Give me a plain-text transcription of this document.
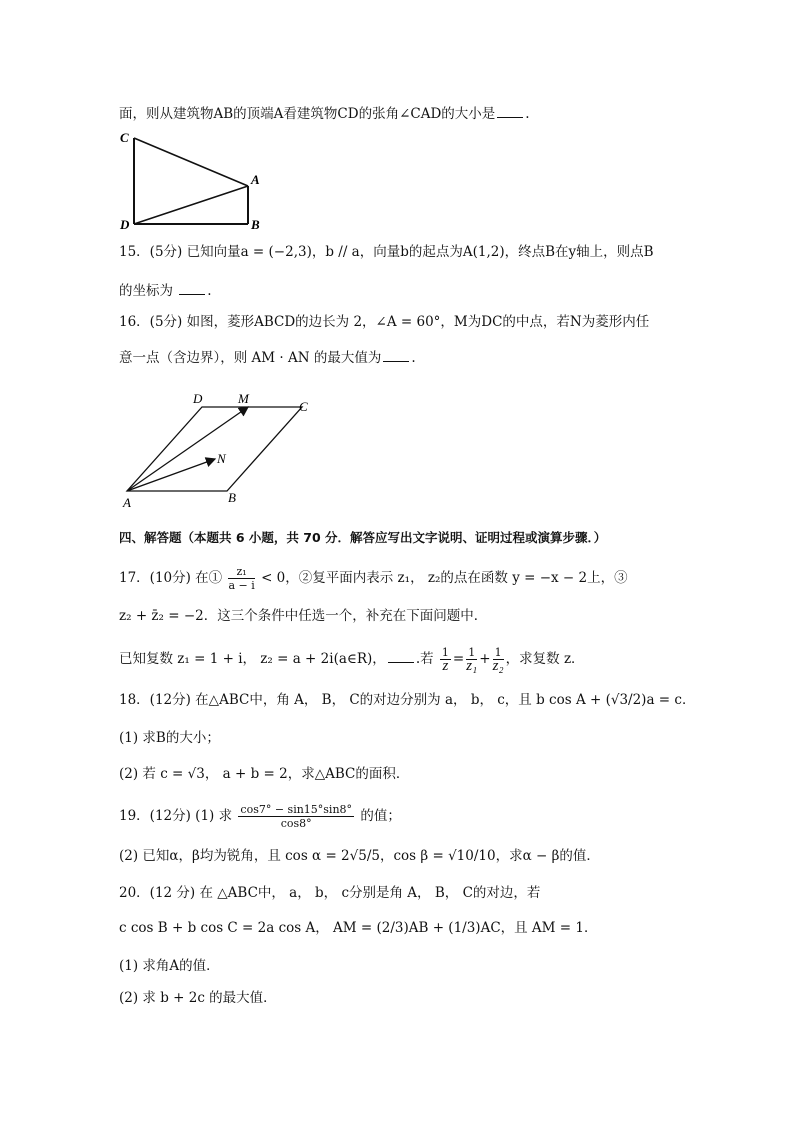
面，则从建筑物AB的顶端A看建筑物CD的张角∠CAD的大小是 .
C
A
D	B
15．(5分) 已知向量a = (−2,3)，b // a，向量b的起点为A(1,2)，终点B在y轴上，则点B
的坐标为	.
16．(5分) 如图，菱形ABCD的边长为 2，∠A = 60°，M为DC的中点，若N为菱形内任
意一点（含边界），则 AM · AN 的最大值为 .
D	M
C
N
A	B
四、解答题（本题共 6 小题，共 70 分．解答应写出文字说明、证明过程或演算步骤．）
17．(10分) 在① $\frac{\text{z₁}}{a - i} < 0$，②复平面内表示 z₁， z₂的点在函数 y = −x − 2上，③
z₂ + z̄₂ = −2．这三个条件中任选一个，补充在下面问题中．
已知复数 z₁ = 1 + i， z₂ = a + 2i(a∈R)， .若 $\frac{1}{z} = \frac{1}{\text{z₁}} + \frac{1}{\text{z₂}}$ ，求复数 z．
18．(12分) 在△ABC中，角 A， B， C的对边分别为 a， b， c，且 b cos A + (√3/2)a = c．
(1) 求B的大小；
(2) 若 c = √3， a + b = 2，求△ABC的面积．
19．(12分) (1) 求 $\frac{\cos 7^\circ - \sin 15^\circ\sin 8^\circ}{\cos 8^\circ}$ 的值；
(2) 已知α，β均为锐角，且 cos α = 2√5/5，cos β = √10/10，求α − β的值．
20．(12 分) 在 △ABC中， a， b， c分别是角 A， B， C的对边，若
c cos B + b cos C = 2a cos A， AM = (2/3)AB + (1/3)AC，且 AM = 1．
(1) 求角A的值．
(2) 求 b + 2c 的最大值．
